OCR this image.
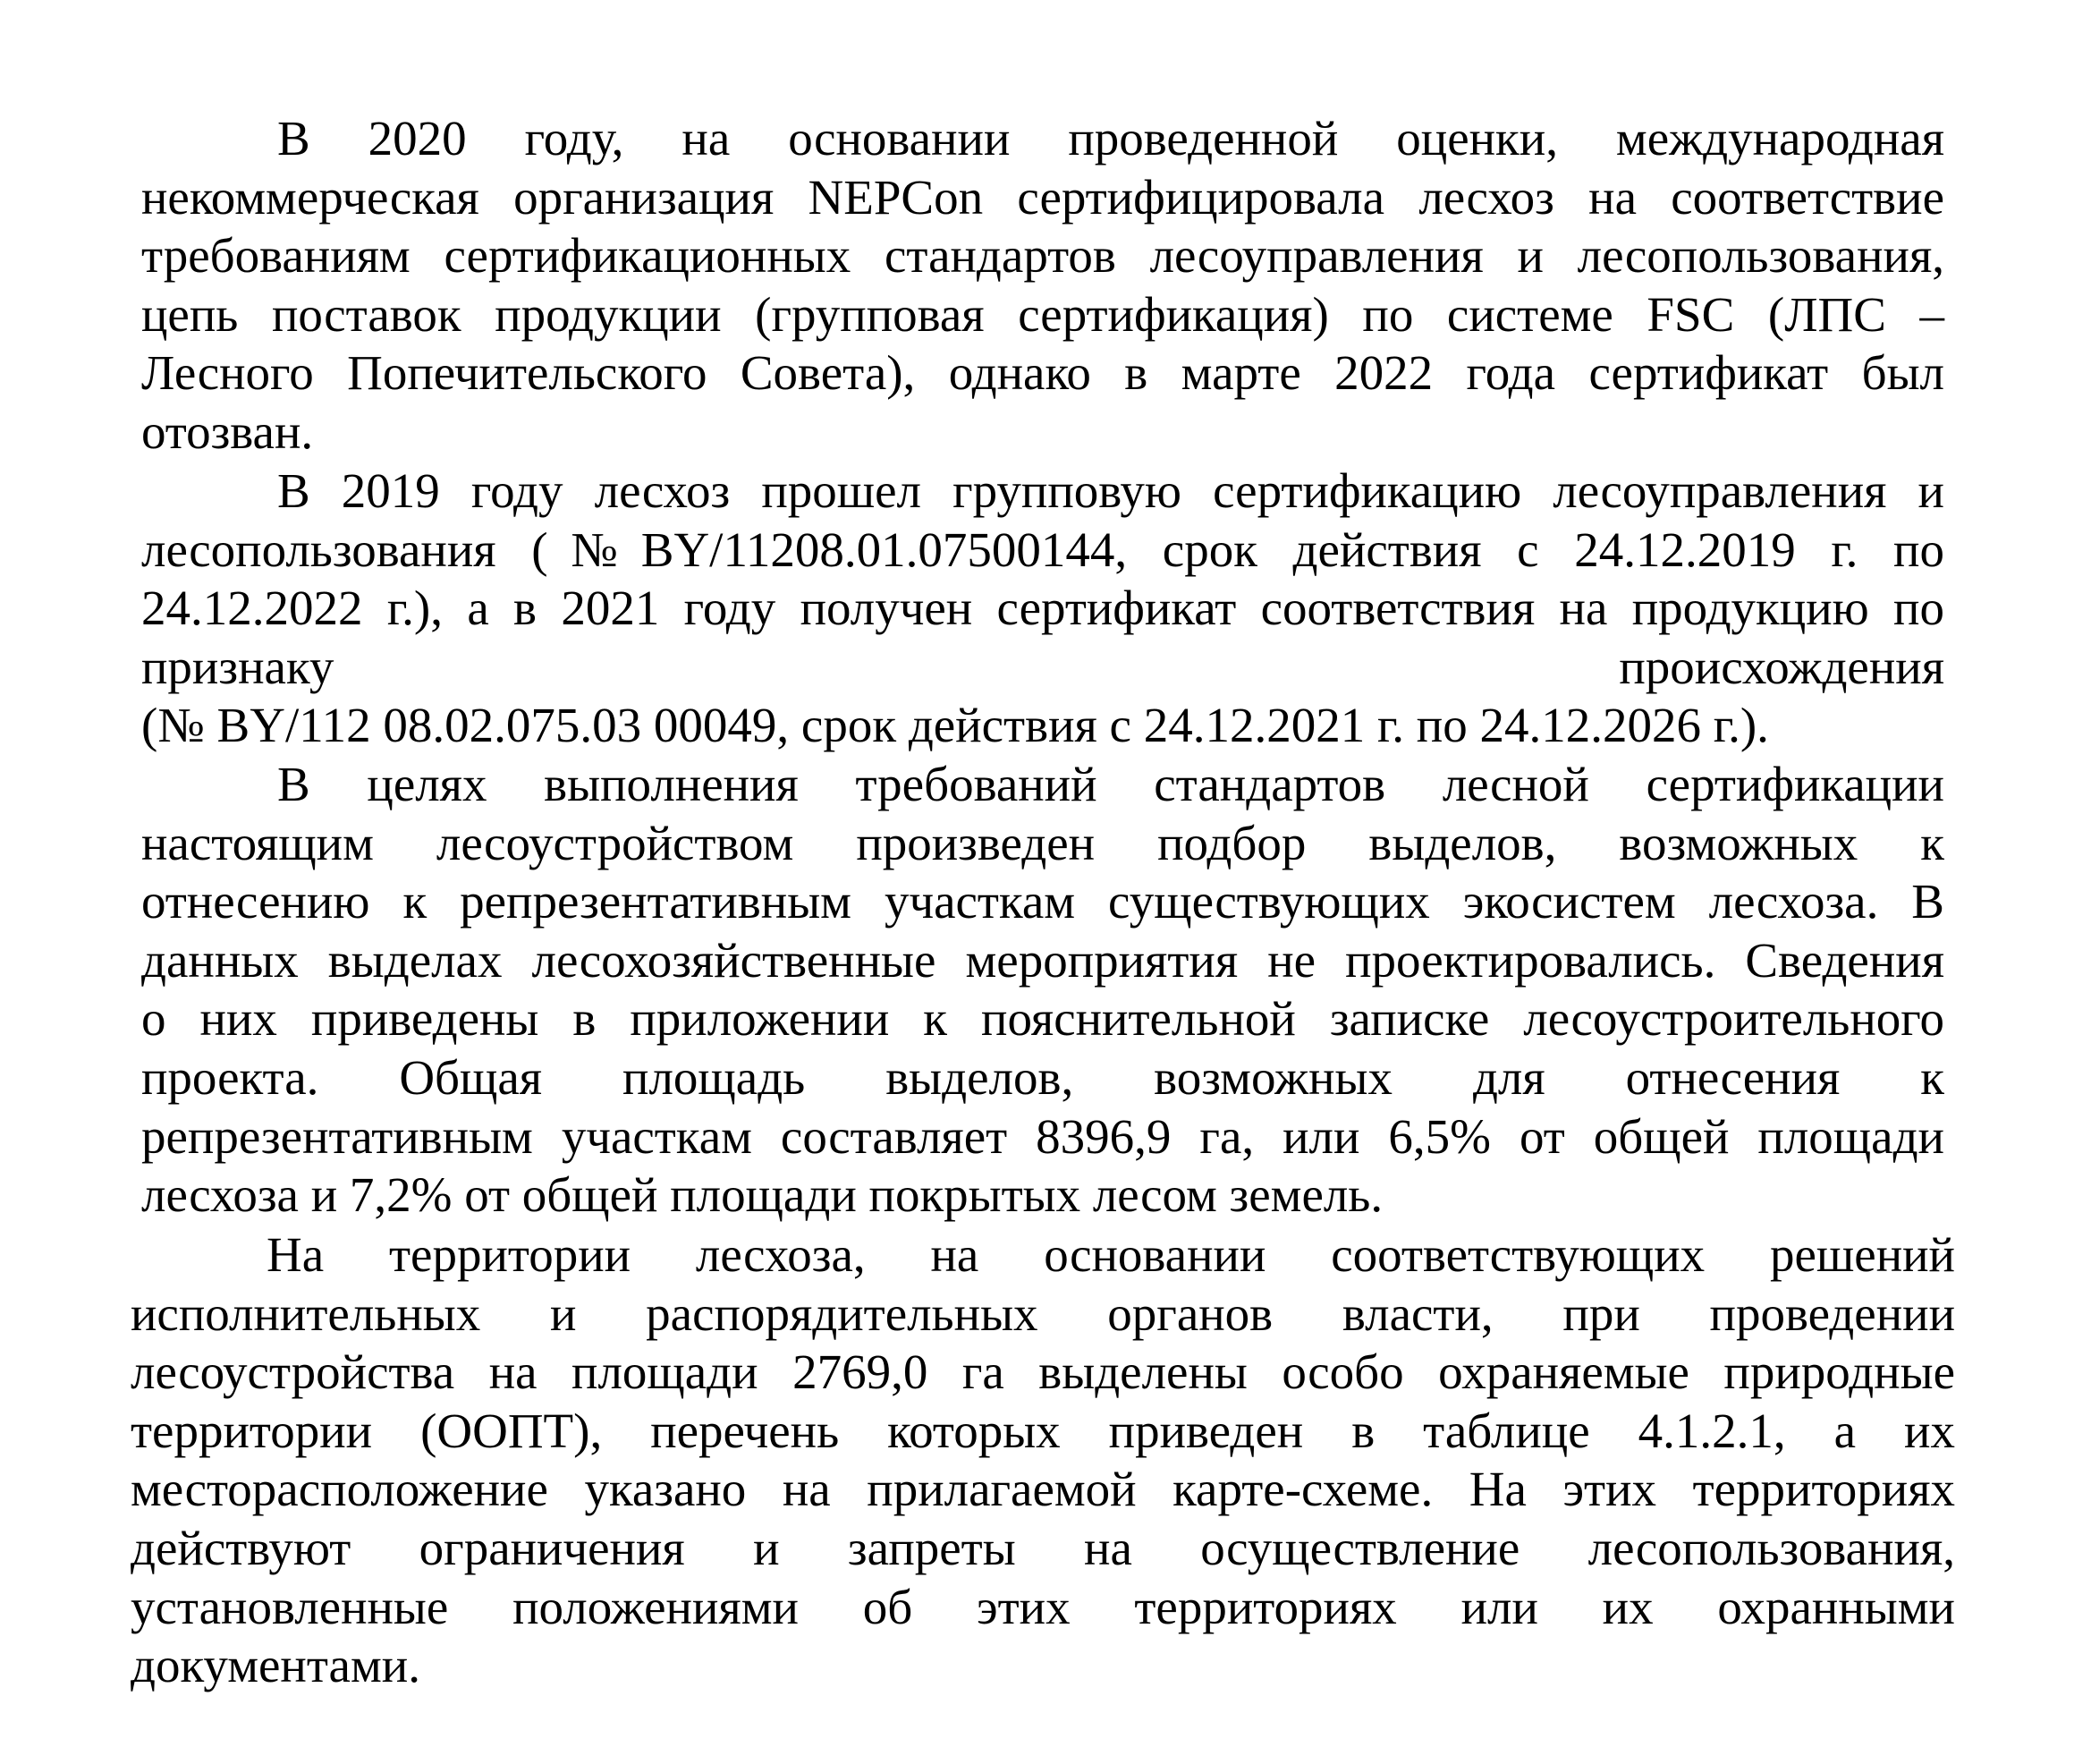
В 2020 году, на основании проведенной оценки, международная
некоммерческая организация NEPCon сертифицировала лесхоз на соответствие
требованиям сертификационных стандартов лесоуправления и лесопользования,
цепь поставок продукции (групповая сертификация) по системе FSC (ЛПС –
Лесного Попечительского Совета), однако в марте 2022 года сертификат был
отозван.
В 2019 году лесхоз прошел групповую сертификацию лесоуправления и
лесопользования (№BY/11208.01.07500144, срок действия с 24.12.2019 г. по
24.12.2022 г.), а в 2021 году получен сертификат соответствия на продукцию по
признаку происхождения
(№ BY/112 08.02.075.03 00049, срок действия с 24.12.2021 г. по 24.12.2026 г.).
В целях выполнения требований стандартов лесной сертификации
настоящим лесоустройством произведен подбор выделов, возможных к
отнесению к репрезентативным участкам существующих экосистем лесхоза. В
данных выделах лесохозяйственные мероприятия не проектировались. Сведения
о них приведены в приложении к пояснительной записке лесоустроительного
проекта. Общая площадь выделов, возможных для отнесения к
репрезентативным участкам составляет 8396,9 га, или 6,5% от общей площади
лесхоза и 7,2% от общей площади покрытых лесом земель.
На территории лесхоза, на основании соответствующих решений
исполнительных и распорядительных органов власти, при проведении
лесоустройства на площади 2769,0 га выделены особо охраняемые природные
территории (ООПТ), перечень которых приведен в таблице 4.1.2.1, а их
месторасположение указано на прилагаемой карте-схеме. На этих территориях
действуют ограничения и запреты на осуществление лесопользования,
установленные положениями об этих территориях или их охранными
документами.
